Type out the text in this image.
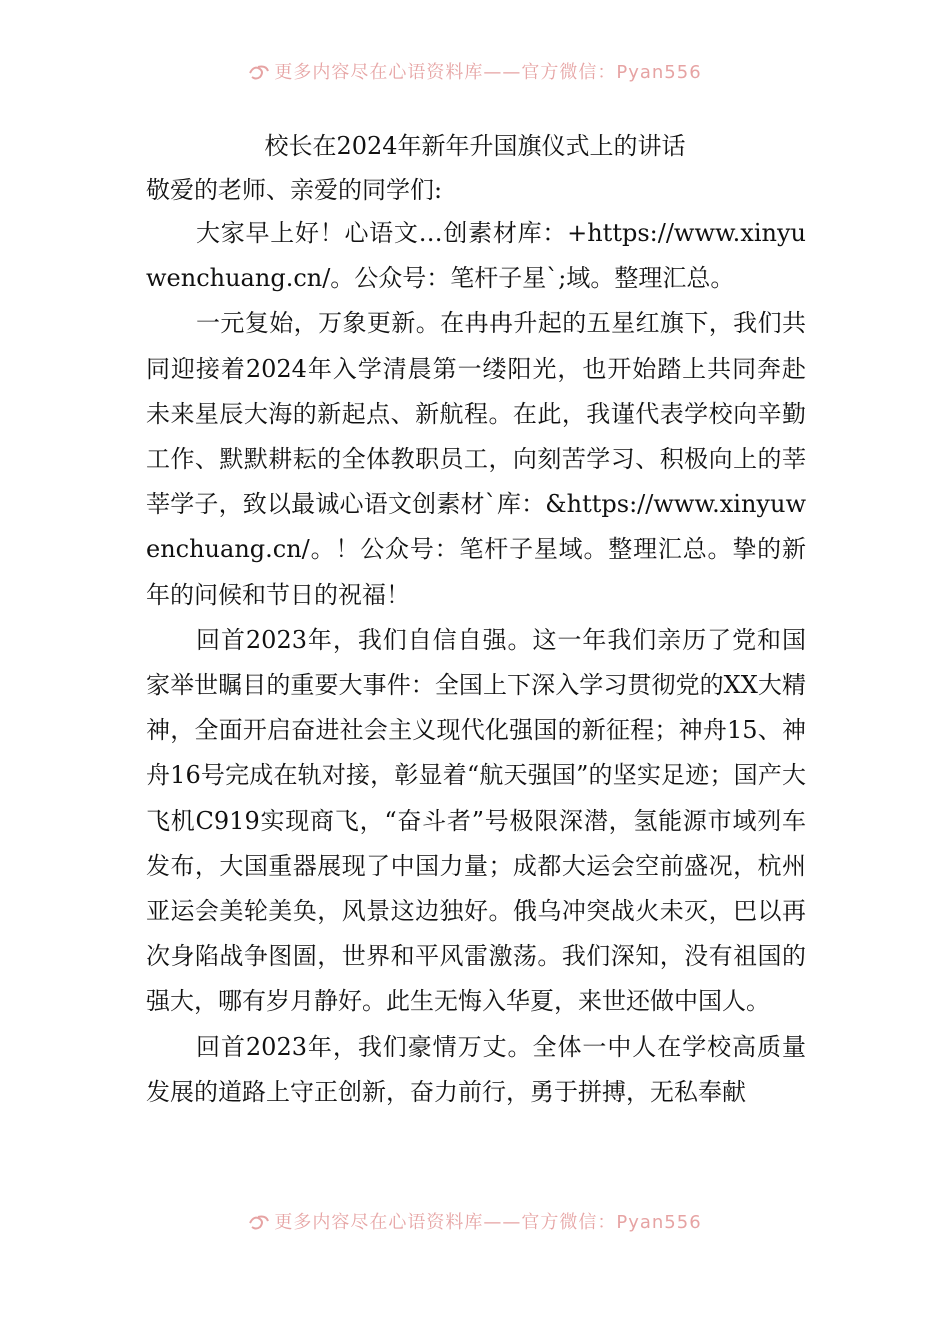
更多内容尽在心语资料库——官方微信：Pyan556
校长在2024年新年升国旗仪式上的讲话
敬爱的老师、亲爱的同学们:

大家早上好！心语文…创素材库：+https://www.xinyuwenchuang.cn/。公众号：笔杆子星`;域。整理汇总。

一元复始，万象更新。在冉冉升起的五星红旗下，我们共同迎接着2024年入学清晨第一缕阳光，也开始踏上共同奔赴未来星辰大海的新起点、新航程。在此，我谨代表学校向辛勤工作、默默耕耘的全体教职员工，向刻苦学习、积极向上的莘莘学子，致以最诚心语文创素材`库：&https://www.xinyuwenchuang.cn/。！公众号：笔杆子星域。整理汇总。挚的新年的问候和节日的祝福！

回首2023年，我们自信自强。这一年我们亲历了党和国家举世瞩目的重要大事件：全国上下深入学习贯彻党的XX大精神，全面开启奋进社会主义现代化强国的新征程；神舟15、神舟16号完成在轨对接，彰显着“航天强国”的坚实足迹；国产大飞机C919实现商飞，“奋斗者”号极限深潜，氢能源市域列车发布，大国重器展现了中国力量；成都大运会空前盛况，杭州亚运会美轮美奂，风景这边独好。俄乌冲突战火未灭，巴以再次身陷战争图圄，世界和平风雷激荡。我们深知，没有祖国的强大，哪有岁月静好。此生无悔入华夏，来世还做中国人。

回首2023年，我们豪情万丈。全体一中人在学校高质量发展的道路上守正创新，奋力前行，勇于拼搏，无私奉献

更多内容尽在心语资料库——官方微信：Pyan556
